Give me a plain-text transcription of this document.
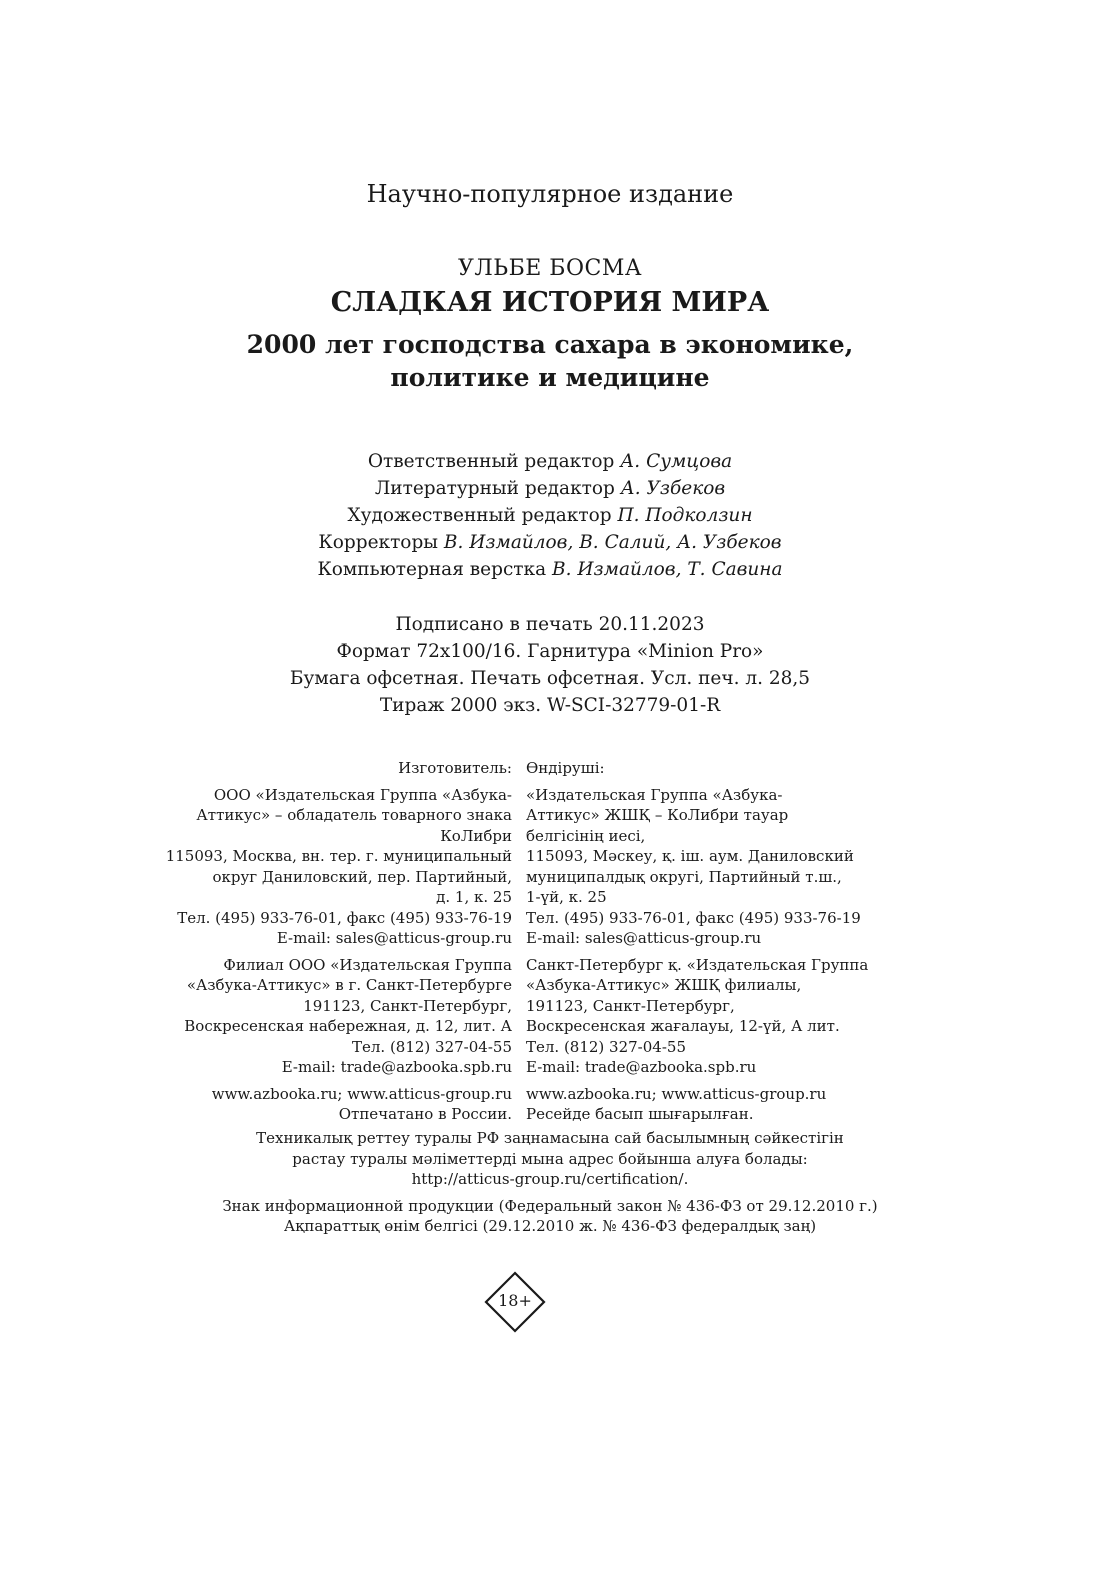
Научно-популярное издание
УЛЬБЕ БОСМА
СЛАДКАЯ ИСТОРИЯ МИРА
2000 лет господства сахара в экономике,
политике и медицине
Ответственный редактор А. Сумцова
Литературный редактор А. Узбеков
Художественный редактор П. Подколзин
Корректоры В. Измайлов, В. Салий, А. Узбеков
Компьютерная верстка В. Измайлов, Т. Савина
Подписано в печать 20.11.2023
Формат 72x100/16. Гарнитура «Minion Pro»
Бумага офсетная. Печать офсетная. Усл. печ. л. 28,5
Тираж 2000 экз. W-SCI-32779-01-R
Изготовитель:
ООО «Издательская Группа «Азбука-
Аттикус» – обладатель товарного знака
КоЛибри
115093, Москва, вн. тер. г. муниципальный
округ Даниловский, пер. Партийный,
д. 1, к. 25
Тел. (495) 933-76-01, факс (495) 933-76-19
E-mail: sales@atticus-group.ru
Филиал ООО «Издательская Группа
«Азбука-Аттикус» в г. Санкт-Петербурге
191123, Санкт-Петербург,
Воскресенская набережная, д. 12, лит. А
Тел. (812) 327-04-55
E-mail: trade@azbooka.spb.ru
www.azbooka.ru; www.atticus-group.ru
Отпечатано в России.
Өндіруші:
«Издательская Группа «Азбука-
Аттикус» ЖШҚ – КоЛибри тауар
белгісінің иесі,
115093, Мәскеу, қ. іш. аум. Даниловский
муниципалдық округі, Партийный т.ш.,
1-үй, к. 25
Тел. (495) 933-76-01, факс (495) 933-76-19
E-mail: sales@atticus-group.ru
Санкт-Петербург қ. «Издательская Группа
«Азбука-Аттикус» ЖШҚ филиалы,
191123, Санкт-Петербург,
Воскресенская жағалауы, 12-үй, А лит.
Тел. (812) 327-04-55
E-mail: trade@azbooka.spb.ru
www.azbooka.ru; www.atticus-group.ru
Ресейде басып шығарылған.
Техникалық реттеу туралы РФ заңнамасына сай басылымның сәйкестігін
растау туралы мәліметтерді мына адрес бойынша алуға болады:
http://atticus-group.ru/certification/.
Знак информационной продукции (Федеральный закон № 436-ФЗ от 29.12.2010 г.)
Ақпараттық өнім белгісі (29.12.2010 ж. № 436-ФЗ федералдық заң)
18+
